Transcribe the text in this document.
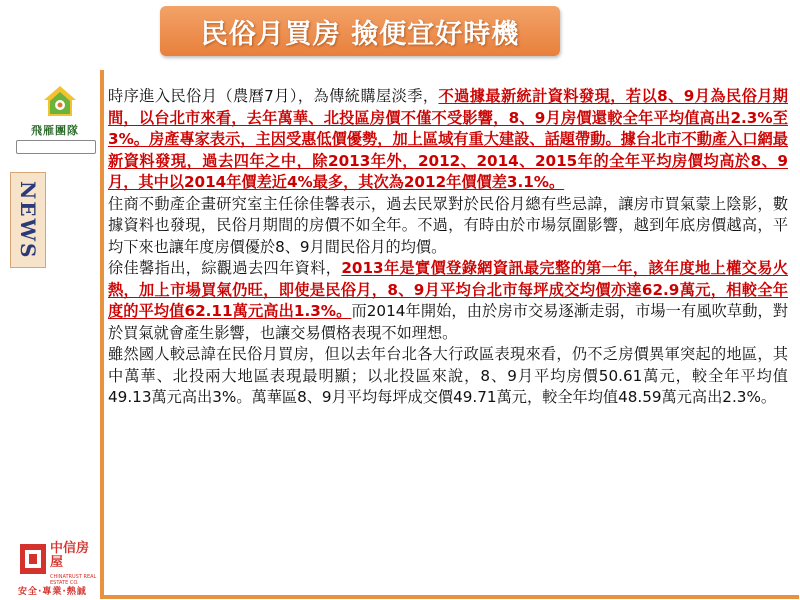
民俗月買房 撿便宜好時機
飛雁團隊
NEWS

時序進入民俗月（農曆7月），為傳統購屋淡季，不過據最新統計資料發現，若以8、9月為民俗月期間，以台北市來看，去年萬華、北投區房價不僅不受影響，8、9月房價還較全年平均值高出2.3%至3%。房產專家表示，主因受惠低價優勢，加上區域有重大建設、話題帶動。據台北市不動產入口網最新資料發現，過去四年之中，除2013年外，2012、2014、2015年的全年平均房價均高於8、9月，其中以2014年價差近4%最多，其次為2012年價價差3.1%。

住商不動產企畫研究室主任徐佳馨表示，過去民眾對於民俗月總有些忌諱，讓房市買氣蒙上陰影，數據資料也發現，民俗月期間的房價不如全年。不過，有時由於市場氛圍影響，越到年底房價越高，平均下來也讓年度房價優於8、9月間民俗月的均價。

徐佳馨指出，綜觀過去四年資料，2013年是實價登錄網資訊最完整的第一年，該年度地上權交易火熱，加上市場買氣仍旺，即使是民俗月，8、9月平均台北市每坪成交均價亦達62.9萬元，相較全年度的平均值62.11萬元高出1.3%。而2014年開始，由於房市交易逐漸走弱，市場一有風吹草動，對於買氣就會產生影響，也讓交易價格表現不如理想。

雖然國人較忌諱在民俗月買房，但以去年台北各大行政區表現來看，仍不乏房價異軍突起的地區，其中萬華、北投兩大地區表現最明顯；以北投區來說，8、9月平均房價50.61萬元，較全年平均值49.13萬元高出3%。萬華區8、9月平均每坪成交價49.71萬元，較全年均值48.59萬元高出2.3%。

中信房屋
CHINATRUST REAL ESTATE CO.
安全·專業·熱誠
